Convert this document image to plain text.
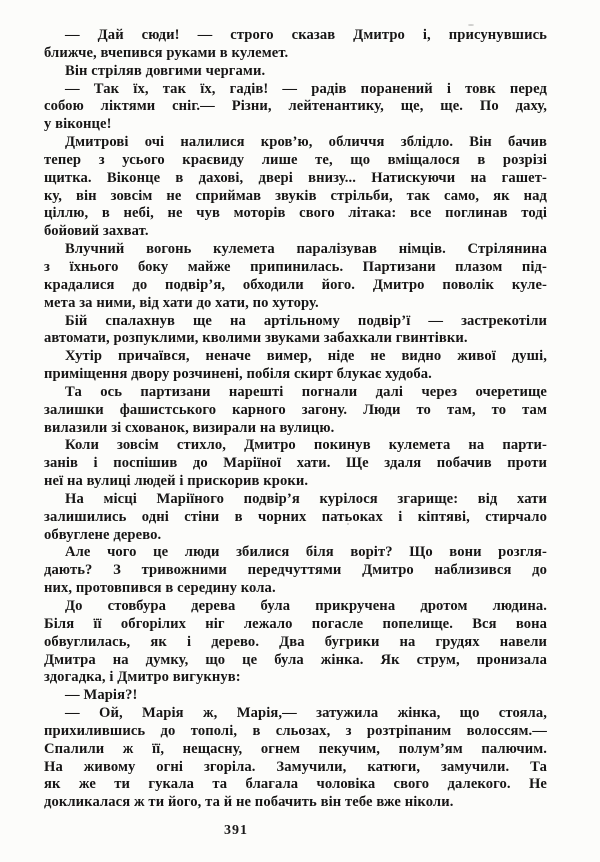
— Дай сюди! — строго сказав Дмитро і, присунувшись
ближче, вчепився руками в кулемет.
Він стріляв довгими чергами.
— Так їх, так їх, гадів! — радів поранений і товк перед
собою ліктями сніг.— Різни, лейтенантику, ще, ще. По даху,
у віконце!
Дмитрові очі налилися кров’ю, обличчя зблідло. Він бачив
тепер з усього краєвиду лише те, що вміщалося в розрізі
щитка. Віконце в дахові, двері внизу... Натискуючи на гашет-
ку, він зовсім не сприймав звуків стрільби, так само, як над
ціллю, в небі, не чув моторів свого літака: все поглинав тоді
бойовий захват.
Влучний вогонь кулемета паралізував німців. Стрілянина
з їхнього боку майже припинилась. Партизани плазом під-
крадалися до подвір’я, обходили його. Дмитро поволік куле-
мета за ними, від хати до хати, по хутору.
Бій спалахнув ще на артільному подвір’ї — застрекотіли
автомати, розпуклими, кволими звуками забахкали гвинтівки.
Хутір причаївся, неначе вимер, ніде не видно живої душі,
приміщення двору розчинені, побіля скирт блукає худоба.
Та ось партизани нарешті погнали далі через очеретище
залишки фашистського карного загону. Люди то там, то там
вилазили зі схованок, визирали на вулицю.
Коли зовсім стихло, Дмитро покинув кулемета на парти-
занів і поспішив до Маріїної хати. Ще здаля побачив проти
неї на вулиці людей і прискорив кроки.
На місці Маріїного подвір’я курілося згарище: від хати
залишились одні стіни в чорних патьоках і кіптяві, стирчало
обвуглене дерево.
Але чого це люди збилися біля воріт? Що вони розгля-
дають? З тривожними передчуттями Дмитро наблизився до
них, протовпився в середину кола.
До стовбура дерева була прикручена дротом людина.
Біля її обгорілих ніг лежало погасле попелище. Вся вона
обвуглилась, як і дерево. Два бугрики на грудях навели
Дмитра на думку, що це була жінка. Як струм, пронизала
здогадка, і Дмитро вигукнув:
— Марія?!
— Ой, Марія ж, Марія,— затужила жінка, що стояла,
прихилившись до тополі, в сльозах, з розтріпаним волоссям.—
Спалили ж її, нещасну, огнем пекучим, полум’ям палючим.
На живому огні згоріла. Замучили, катюги, замучили. Та
як же ти гукала та благала чоловіка свого далекого. Не
докликалася ж ти його, та й не побачить він тебе вже ніколи.
391
